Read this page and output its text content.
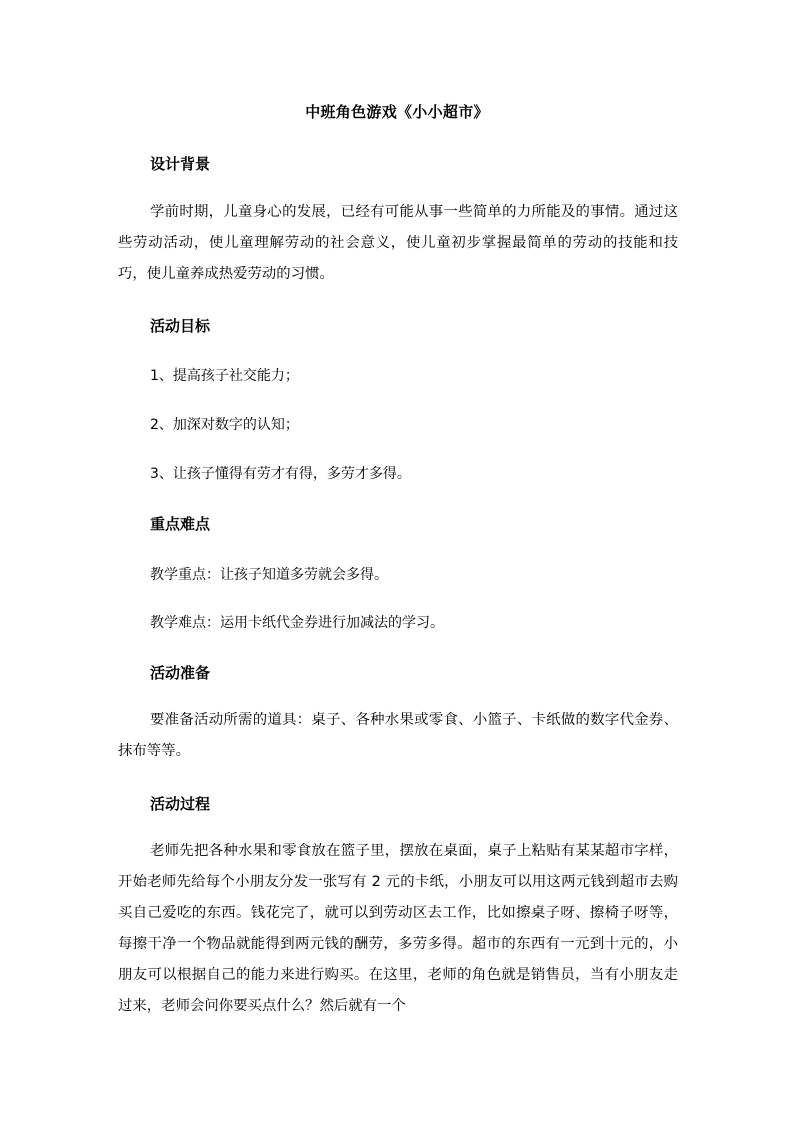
中班角色游戏《小小超市》
设计背景
学前时期，儿童身心的发展，已经有可能从事一些简单的力所能及的事情。通过这些劳动活动，使儿童理解劳动的社会意义，使儿童初步掌握最简单的劳动的技能和技巧，使儿童养成热爱劳动的习惯。
活动目标
1、提高孩子社交能力；
2、加深对数字的认知；
3、让孩子懂得有劳才有得，多劳才多得。
重点难点
教学重点：让孩子知道多劳就会多得。
教学难点：运用卡纸代金券进行加减法的学习。
活动准备
要准备活动所需的道具：桌子、各种水果或零食、小篮子、卡纸做的数字代金券、抹布等等。
活动过程
老师先把各种水果和零食放在篮子里，摆放在桌面，桌子上粘贴有某某超市字样，开始老师先给每个小朋友分发一张写有 2 元的卡纸，小朋友可以用这两元钱到超市去购买自己爱吃的东西。钱花完了，就可以到劳动区去工作，比如擦桌子呀、擦椅子呀等，每擦干净一个物品就能得到两元钱的酬劳，多劳多得。超市的东西有一元到十元的，小朋友可以根据自己的能力来进行购买。在这里，老师的角色就是销售员，当有小朋友走过来，老师会问你要买点什么？然后就有一个
